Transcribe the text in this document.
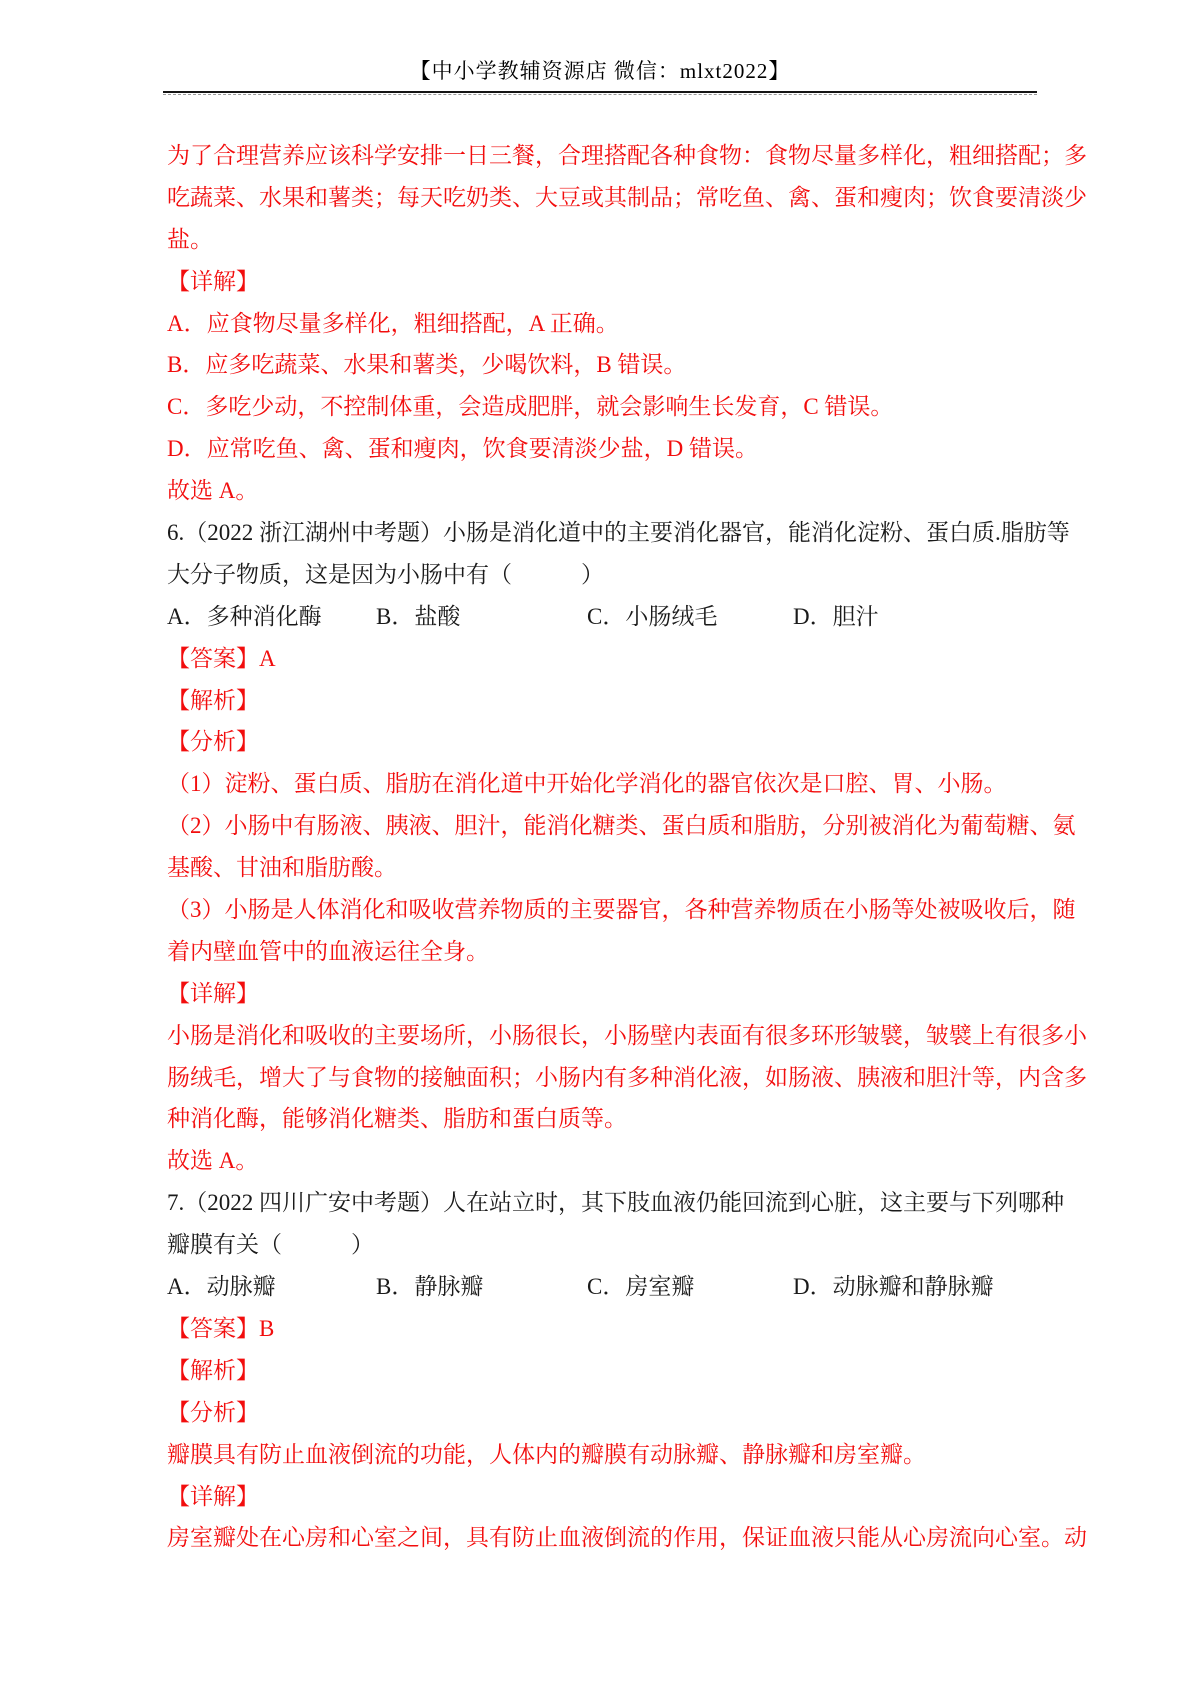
【中小学教辅资源店 微信：mlxt2022】
为了合理营养应该科学安排一日三餐，合理搭配各种食物：食物尽量多样化，粗细搭配；多
吃蔬菜、水果和薯类；每天吃奶类、大豆或其制品；常吃鱼、禽、蛋和瘦肉；饮食要清淡少
盐。
【详解】
A．应食物尽量多样化，粗细搭配，A 正确。
B．应多吃蔬菜、水果和薯类，少喝饮料，B 错误。
C．多吃少动，不控制体重，会造成肥胖，就会影响生长发育，C 错误。
D．应常吃鱼、禽、蛋和瘦肉，饮食要清淡少盐，D 错误。
故选 A。
6.（2022 浙江湖州中考题）小肠是消化道中的主要消化器官，能消化淀粉、蛋白质.脂肪等
大分子物质，这是因为小肠中有（　　　）
A．多种消化酶	B．盐酸	C．小肠绒毛	D．胆汁
【答案】A
【解析】
【分析】
（1）淀粉、蛋白质、脂肪在消化道中开始化学消化的器官依次是口腔、胃、小肠。
（2）小肠中有肠液、胰液、胆汁，能消化糖类、蛋白质和脂肪，分别被消化为葡萄糖、氨
基酸、甘油和脂肪酸。
（3）小肠是人体消化和吸收营养物质的主要器官，各种营养物质在小肠等处被吸收后，随
着内壁血管中的血液运往全身。
【详解】
小肠是消化和吸收的主要场所，小肠很长，小肠壁内表面有很多环形皱襞，皱襞上有很多小
肠绒毛，增大了与食物的接触面积；小肠内有多种消化液，如肠液、胰液和胆汁等，内含多
种消化酶，能够消化糖类、脂肪和蛋白质等。
故选 A。
7.（2022 四川广安中考题）人在站立时，其下肢血液仍能回流到心脏，这主要与下列哪种
瓣膜有关（　　　）
A．动脉瓣	B．静脉瓣	C．房室瓣	D．动脉瓣和静脉瓣
【答案】B
【解析】
【分析】
瓣膜具有防止血液倒流的功能，人体内的瓣膜有动脉瓣、静脉瓣和房室瓣。
【详解】
房室瓣处在心房和心室之间，具有防止血液倒流的作用，保证血液只能从心房流向心室。动
